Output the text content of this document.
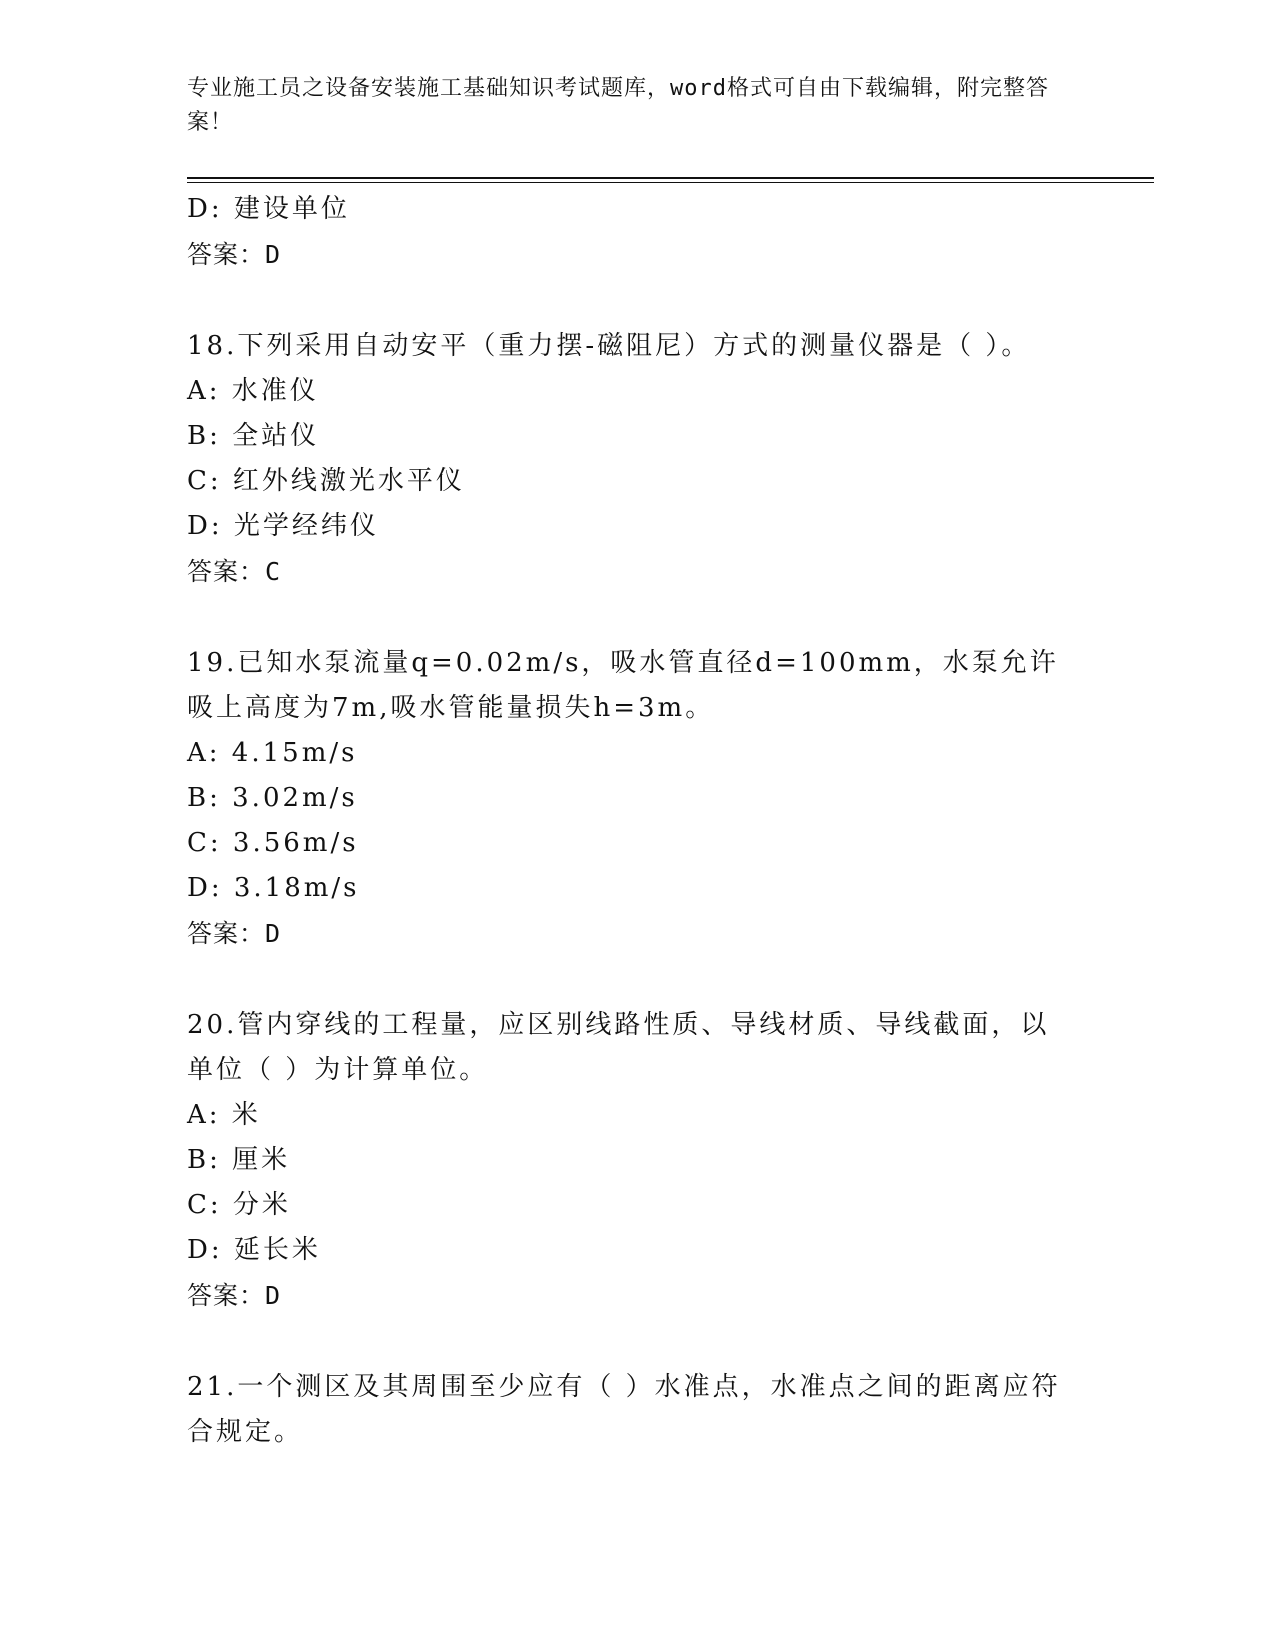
专业施工员之设备安装施工基础知识考试题库，word格式可自由下载编辑，附完整答案！
D: 建设单位
答案：D
18.下列采用自动安平（重力摆-磁阻尼）方式的测量仪器是（ ）。
A: 水准仪
B: 全站仪
C: 红外线激光水平仪
D: 光学经纬仪
答案：C
19.已知水泵流量q=0.02m/s，吸水管直径d=100mm，水泵允许吸上高度为7m,吸水管能量损失h=3m。
A: 4.15m/s
B: 3.02m/s
C: 3.56m/s
D: 3.18m/s
答案：D
20.管内穿线的工程量，应区别线路性质、导线材质、导线截面，以单位（ ）为计算单位。
A: 米
B: 厘米
C: 分米
D: 延长米
答案：D
21.一个测区及其周围至少应有（ ）水准点，水准点之间的距离应符合规定。
